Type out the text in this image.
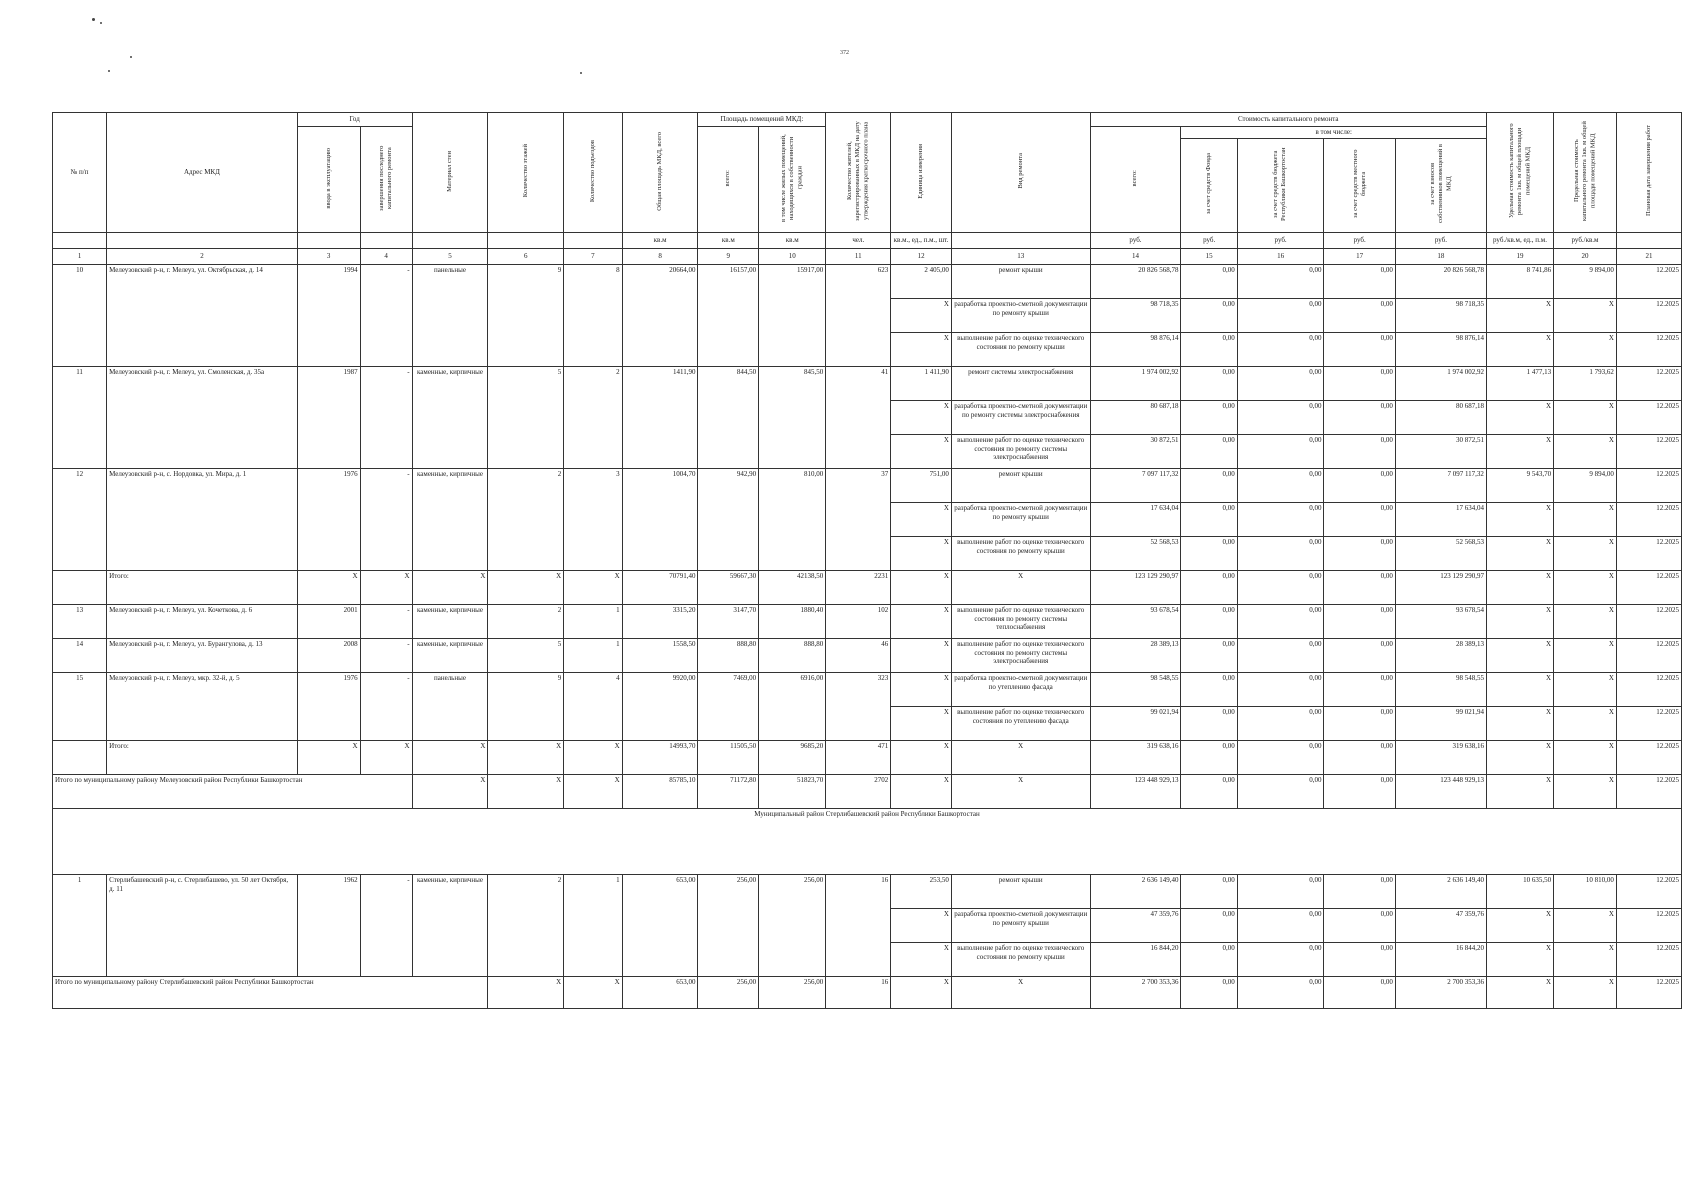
372
№ п/п	Адрес МКД	Год		Материал стен	Количество этажей	Количество подъездов	Общая площадь МКД, всего	Площадь помещений МКД:		Количество жителей, зарегистрированных в МКД на дату утверждения краткосрочного плана	Единица измерения	Вид ремонта	Стоимость капитального ремонта					Удельная стоимость капитального ремонта 1кв. м общей площади помещений МКД	Предельная стоимость капитального ремонта 1кв. м общей площади помещений МКД	Плановая дата завершения работ
		ввода в эксплуатацию	завершения последнего капитального ремонта					всего:	в том числе жилых помещений, находящихся в собственности граждан				всего:	в том числе:						
														за счет средств Фонда	за счет средств бюджета Республики Башкортостан	за счет средств местного бюджета	за счет взносов собственников помещений в МКД			
							кв.м	кв.м	кв.м	чел.	кв.м., ед., п.м., шт.		руб.	руб.	руб.	руб.	руб.	руб./кв.м, ед., п.м.	руб./кв.м	
1	2	3	4	5	6	7	8	9	10	11	12	13	14	15	16	17	18	19	20	21
10	Мелеузовский р-н, г. Мелеуз, ул. Октябрьская, д. 14	1994	-	панельные	9	8	20664,00	16157,00	15917,00	623	2 405,00	ремонт крыши	20 826 568,78	0,00	0,00	0,00	20 826 568,78	8 741,86	9 894,00	12.2025
											X	разработка проектно-сметной документации по ремонту крыши	98 718,35	0,00	0,00	0,00	98 718,35	X	X	12.2025
											X	выполнение работ по оценке технического состояния по ремонту крыши	98 876,14	0,00	0,00	0,00	98 876,14	X	X	12.2025
11	Мелеузовский р-н, г. Мелеуз, ул. Смоленская, д. 35а	1987	-	каменные, кирпичные	5	2	1411,90	844,50	845,50	41	1 411,90	ремонт системы электроснабжения	1 974 002,92	0,00	0,00	0,00	1 974 002,92	1 477,13	1 793,62	12.2025
											X	разработка проектно-сметной документации по ремонту системы электроснабжения	80 687,18	0,00	0,00	0,00	80 687,18	X	X	12.2025
											X	выполнение работ по оценке технического состояния по ремонту системы электроснабжения	30 872,51	0,00	0,00	0,00	30 872,51	X	X	12.2025
12	Мелеузовский р-н, с. Нордовка, ул. Мира, д. 1	1976	-	каменные, кирпичные	2	3	1004,70	942,90	810,00	37	751,00	ремонт крыши	7 097 117,32	0,00	0,00	0,00	7 097 117,32	9 543,70	9 894,00	12.2025
											X	разработка проектно-сметной документации по ремонту крыши	17 634,04	0,00	0,00	0,00	17 634,04	X	X	12.2025
											X	выполнение работ по оценке технического состояния по ремонту крыши	52 568,53	0,00	0,00	0,00	52 568,53	X	X	12.2025
	Итого:	X	X	X	X	X	70791,40	59667,30	42138,50	2231	X	X	123 129 290,97	0,00	0,00	0,00	123 129 290,97	X	X	12.2025
13	Мелеузовский р-н, г. Мелеуз, ул. Кочеткова, д. 6	2001	-	каменные, кирпичные	2	1	3315,20	3147,70	1880,40	102	X	выполнение работ по оценке технического состояния по ремонту системы теплоснабжения	93 678,54	0,00	0,00	0,00	93 678,54	X	X	12.2025
14	Мелеузовский р-н, г. Мелеуз, ул. Бурангулова, д. 13	2008	-	каменные, кирпичные	5	1	1558,50	888,80	888,80	46	X	выполнение работ по оценке технического состояния по ремонту системы электроснабжения	28 389,13	0,00	0,00	0,00	28 389,13	X	X	12.2025
15	Мелеузовский р-н, г. Мелеуз, мкр. 32-й, д. 5	1976	-	панельные	9	4	9920,00	7469,00	6916,00	323	X	разработка проектно-сметной документации по утеплению фасада	98 548,55	0,00	0,00	0,00	98 548,55	X	X	12.2025
											X	выполнение работ по оценке технического состояния по утеплению фасада	99 021,94	0,00	0,00	0,00	99 021,94	X	X	12.2025
	Итого:	X	X	X	X	X	14993,70	11505,50	9685,20	471	X	X	319 638,16	0,00	0,00	0,00	319 638,16	X	X	12.2025
Итого по муниципальному району Мелеузовский район Республики Башкортостан				X	X	X	85785,10	71172,80	51823,70	2702	X	X	123 448 929,13	0,00	0,00	0,00	123 448 929,13	X	X	12.2025
Муниципальный район Стерлибашевский район Республики Башкортостан																				
1	Стерлибашевский р-н, с. Стерлибашево, ул. 50 лет Октября, д. 11	1962	-	каменные, кирпичные	2	1	653,00	256,00	256,00	16	253,50	ремонт крыши	2 636 149,40	0,00	0,00	0,00	2 636 149,40	10 635,50	10 810,00	12.2025
											X	разработка проектно-сметной документации по ремонту крыши	47 359,76	0,00	0,00	0,00	47 359,76	X	X	12.2025
											X	выполнение работ по оценке технического состояния по ремонту крыши	16 844,20	0,00	0,00	0,00	16 844,20	X	X	12.2025
Итого по муниципальному району Стерлибашевский район Республики Башкортостан					X	X	653,00	256,00	256,00	16	X	X	2 700 353,36	0,00	0,00	0,00	2 700 353,36	X	X	12.2025
